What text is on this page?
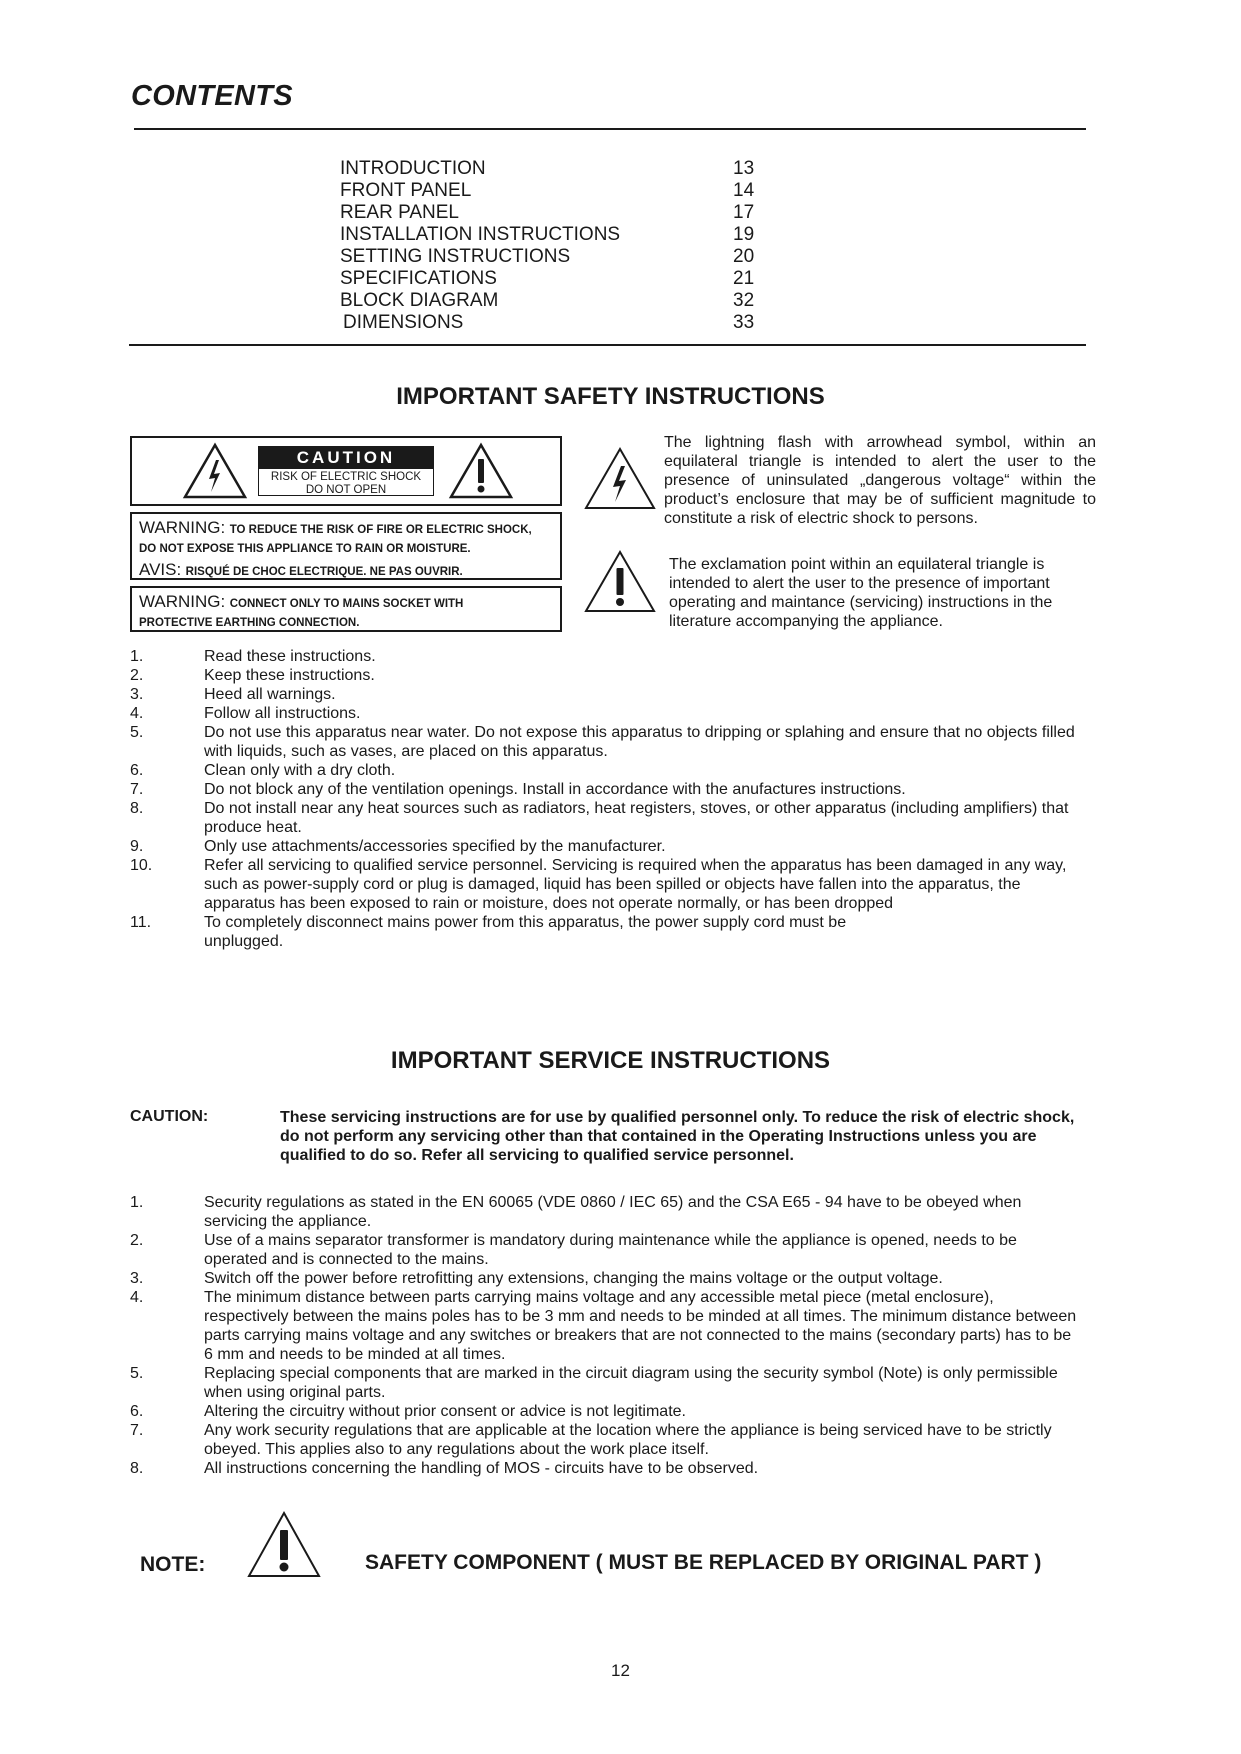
CONTENTS
INTRODUCTION	13
FRONT PANEL	14
REAR PANEL	17
INSTALLATION INSTRUCTIONS	19
SETTING INSTRUCTIONS	20
SPECIFICATIONS	21
BLOCK DIAGRAM	32
DIMENSIONS	33
IMPORTANT SAFETY INSTRUCTIONS
CAUTION
RISK OF ELECTRIC SHOCK
DO NOT OPEN
WARNING: TO REDUCE THE RISK OF FIRE OR ELECTRIC SHOCK,
DO NOT EXPOSE THIS APPLIANCE TO RAIN OR MOISTURE.
AVIS: RISQUÉ DE CHOC ELECTRIQUE. NE PAS OUVRIR.
WARNING: CONNECT ONLY TO MAINS SOCKET WITH
PROTECTIVE EARTHING CONNECTION.
The lightning flash with arrowhead symbol, within an equilateral triangle is intended to alert the user to the presence of uninsulated „dangerous voltage“ within the product’s enclosure that may be of sufficient magnitude to constitute a risk of electric shock to persons.
The exclamation point within an equilateral triangle is intended to alert the user to the presence of important operating and maintance (servicing) instructions in the literature accompanying the appliance.
1.	Read these instructions.
2.	Keep these instructions.
3.	Heed all warnings.
4.	Follow all instructions.
5.	Do not use this apparatus near water. Do not expose this apparatus to dripping or splahing and ensure that no objects filled with liquids, such as vases, are placed on this apparatus.
6.	Clean only with a dry cloth.
7.	Do not block any of the ventilation openings. Install in accordance with the anufactures instructions.
8.	Do not install near any heat sources such as radiators, heat registers, stoves, or other apparatus (including amplifiers) that produce heat.
9.	Only use attachments/accessories specified by the manufacturer.
10.	Refer all servicing to qualified service personnel. Servicing is required when the apparatus has been damaged in any way, such as power-supply cord or plug is damaged, liquid has been spilled or objects have fallen into the apparatus, the apparatus has been exposed to rain or moisture, does not operate normally, or has been dropped
11.	To completely disconnect mains power from this apparatus, the power supply cord must be unplugged.
IMPORTANT SERVICE INSTRUCTIONS
CAUTION:	These servicing instructions are for use by qualified personnel only. To reduce the risk of electric shock, do not perform any servicing other than that contained in the Operating Instructions unless you are qualified to do so. Refer all servicing to qualified service personnel.
1.	Security regulations as stated in the EN 60065 (VDE 0860 / IEC 65) and the CSA E65 - 94 have to be obeyed when servicing the appliance.
2.	Use of a mains separator transformer is mandatory during maintenance while the appliance is opened, needs to be operated and is connected to the mains.
3.	Switch off the power before retrofitting any extensions, changing the mains voltage or the output voltage.
4.	The minimum distance between parts carrying mains voltage and any accessible metal piece (metal enclosure), respectively between the mains poles has to be 3 mm and needs to be minded at all times. The minimum distance between parts carrying mains voltage and any switches or breakers that are not connected to the mains (secondary parts) has to be 6 mm and needs to be minded at all times.
5.	Replacing special components that are marked in the circuit diagram using the security symbol (Note) is only permissible when using original parts.
6.	Altering the circuitry without prior consent or advice is not legitimate.
7.	Any work security regulations that are applicable at the location where the appliance is being serviced have to be strictly obeyed. This applies also to any regulations about the work place itself.
8.	All instructions concerning the handling of MOS - circuits have to be observed.
NOTE:	SAFETY COMPONENT ( MUST BE REPLACED BY ORIGINAL PART )
12
